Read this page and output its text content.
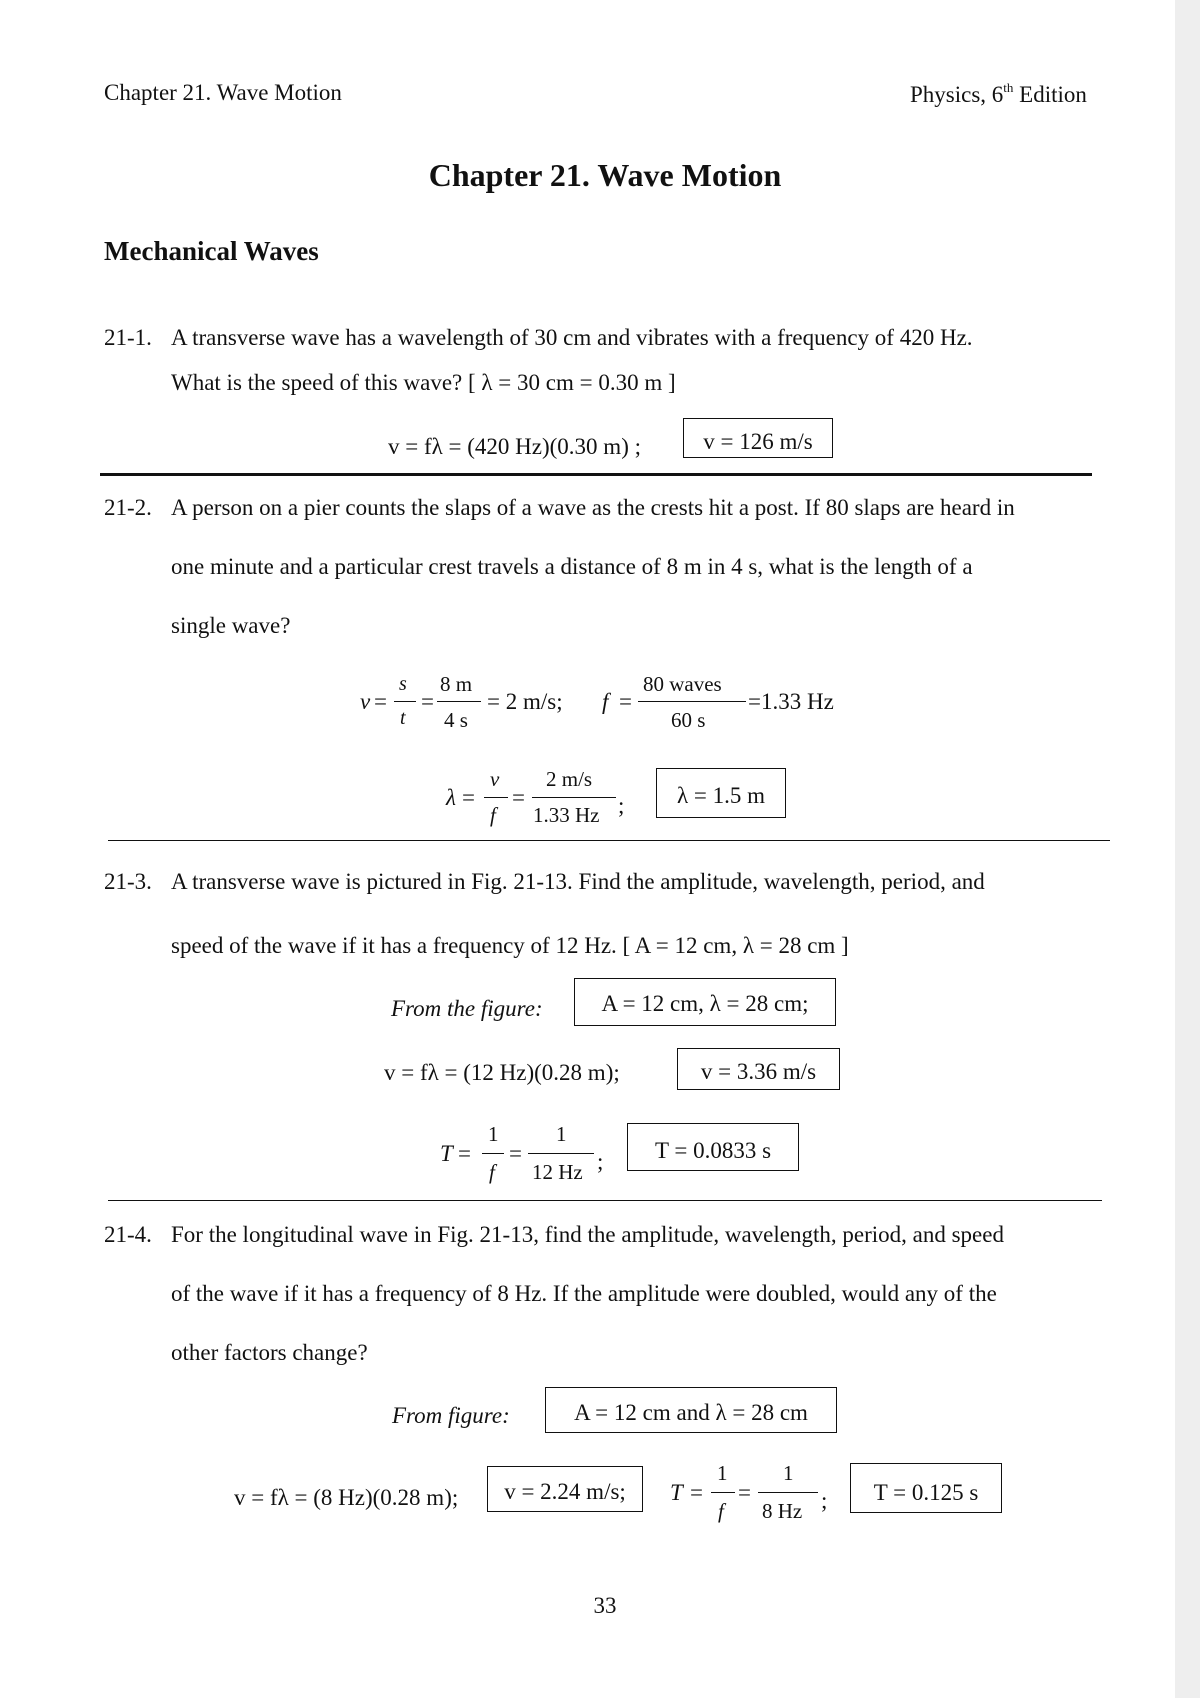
Chapter 21. Wave Motion	Physics, 6th Edition
Chapter 21. Wave Motion
Mechanical Waves
21-1. A transverse wave has a wavelength of 30 cm and vibrates with a frequency of 420 Hz.
What is the speed of this wave? [ λ = 30 cm = 0.30 m ]
v = fλ = (420 Hz)(0.30 m) ;	v = 126 m/s
21-2. A person on a pier counts the slaps of a wave as the crests hit a post. If 80 slaps are heard in
one minute and a particular crest travels a distance of 8 m in 4 s, what is the length of a
single wave?
v =
s
t
=
8 m
4 s
= 2 m/s; f =
80 waves
60 s
=1.33 Hz
λ =
v
f
=
2 m/s
1.33 Hz ;	λ = 1.5 m
21-3. A transverse wave is pictured in Fig. 21-13. Find the amplitude, wavelength, period, and
speed of the wave if it has a frequency of 12 Hz. [ A = 12 cm, λ = 28 cm ]
From the figure:	A = 12 cm, λ = 28 cm;
v = fλ = (12 Hz)(0.28 m);	v = 3.36 m/s
T =
1
f
=
1
12 Hz ;	T = 0.0833 s
21-4. For the longitudinal wave in Fig. 21-13, find the amplitude, wavelength, period, and speed
of the wave if it has a frequency of 8 Hz. If the amplitude were doubled, would any of the
other factors change?
From figure:	A = 12 cm and λ = 28 cm
v = fλ = (8 Hz)(0.28 m);	v = 2.24 m/s;	T =
1
f
=
1
8 Hz ;	T = 0.125 s
33
